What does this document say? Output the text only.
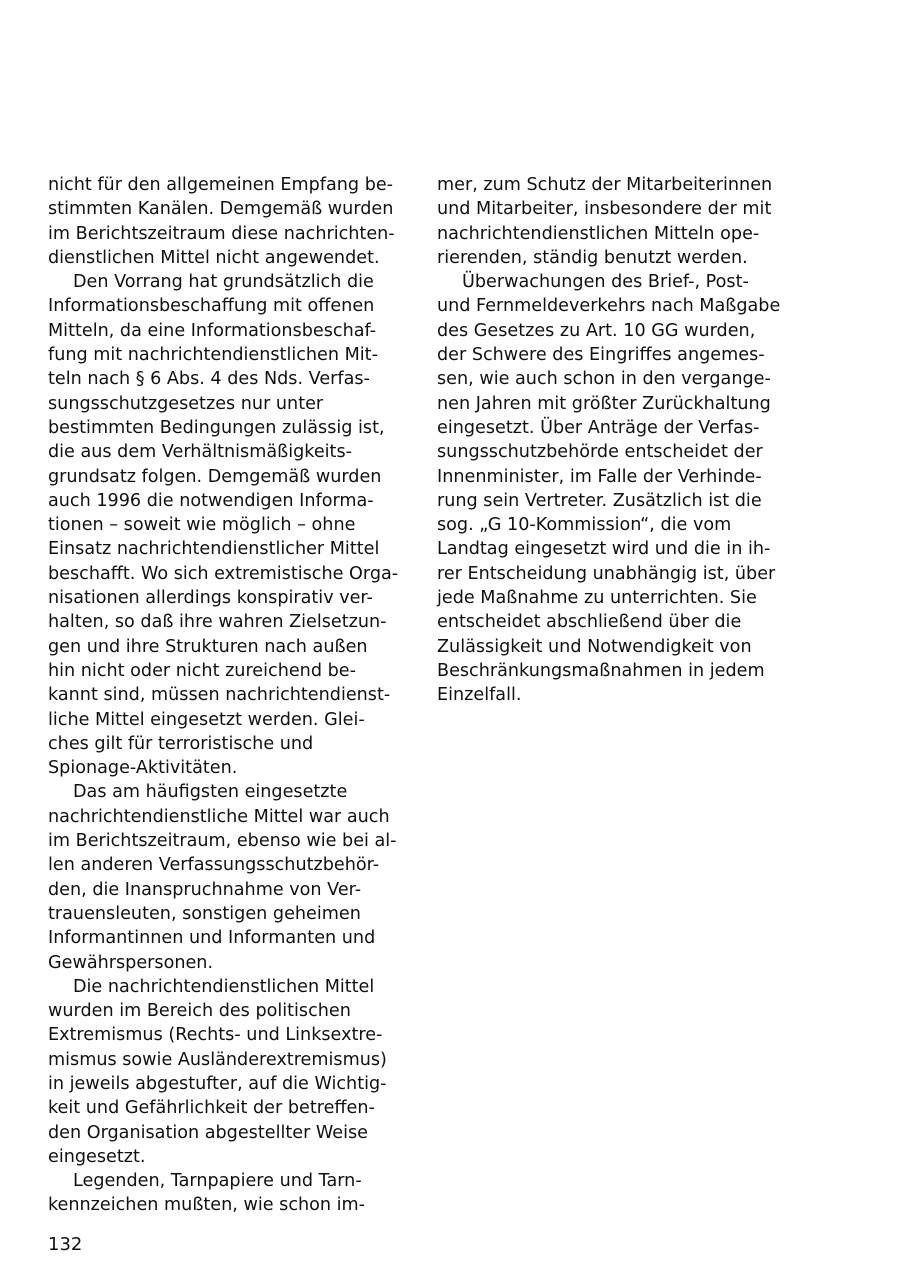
nicht für den allgemeinen Empfang be-
stimmten Kanälen. Demgemäß wurden
im Berichtszeitraum diese nachrichten-
dienstlichen Mittel nicht angewendet.
Den Vorrang hat grundsätzlich die
Informationsbeschaffung mit offenen
Mitteln, da eine Informationsbeschaf-
fung mit nachrichtendienstlichen Mit-
teln nach § 6 Abs. 4 des Nds. Verfas-
sungsschutzgesetzes nur unter
bestimmten Bedingungen zulässig ist,
die aus dem Verhältnismäßigkeits-
grundsatz folgen. Demgemäß wurden
auch 1996 die notwendigen Informa-
tionen – soweit wie möglich – ohne
Einsatz nachrichtendienstlicher Mittel
beschafft. Wo sich extremistische Orga-
nisationen allerdings konspirativ ver-
halten, so daß ihre wahren Zielsetzun-
gen und ihre Strukturen nach außen
hin nicht oder nicht zureichend be-
kannt sind, müssen nachrichtendienst-
liche Mittel eingesetzt werden. Glei-
ches gilt für terroristische und
Spionage-Aktivitäten.
Das am häufigsten eingesetzte
nachrichtendienstliche Mittel war auch
im Berichtszeitraum, ebenso wie bei al-
len anderen Verfassungsschutzbehör-
den, die Inanspruchnahme von Ver-
trauensleuten, sonstigen geheimen
Informantinnen und Informanten und
Gewährspersonen.
Die nachrichtendienstlichen Mittel
wurden im Bereich des politischen
Extremismus (Rechts- und Linksextre-
mismus sowie Ausländerextremismus)
in jeweils abgestufter, auf die Wichtig-
keit und Gefährlichkeit der betreffen-
den Organisation abgestellter Weise
eingesetzt.
Legenden, Tarnpapiere und Tarn-
kennzeichen mußten, wie schon im-
mer, zum Schutz der Mitarbeiterinnen
und Mitarbeiter, insbesondere der mit
nachrichtendienstlichen Mitteln ope-
rierenden, ständig benutzt werden.
Überwachungen des Brief-, Post-
und Fernmeldeverkehrs nach Maßgabe
des Gesetzes zu Art. 10 GG wurden,
der Schwere des Eingriffes angemes-
sen, wie auch schon in den vergange-
nen Jahren mit größter Zurückhaltung
eingesetzt. Über Anträge der Verfas-
sungsschutzbehörde entscheidet der
Innenminister, im Falle der Verhinde-
rung sein Vertreter. Zusätzlich ist die
sog. „G 10-Kommission“, die vom
Landtag eingesetzt wird und die in ih-
rer Entscheidung unabhängig ist, über
jede Maßnahme zu unterrichten. Sie
entscheidet abschließend über die
Zulässigkeit und Notwendigkeit von
Beschränkungsmaßnahmen in jedem
Einzelfall.
132
